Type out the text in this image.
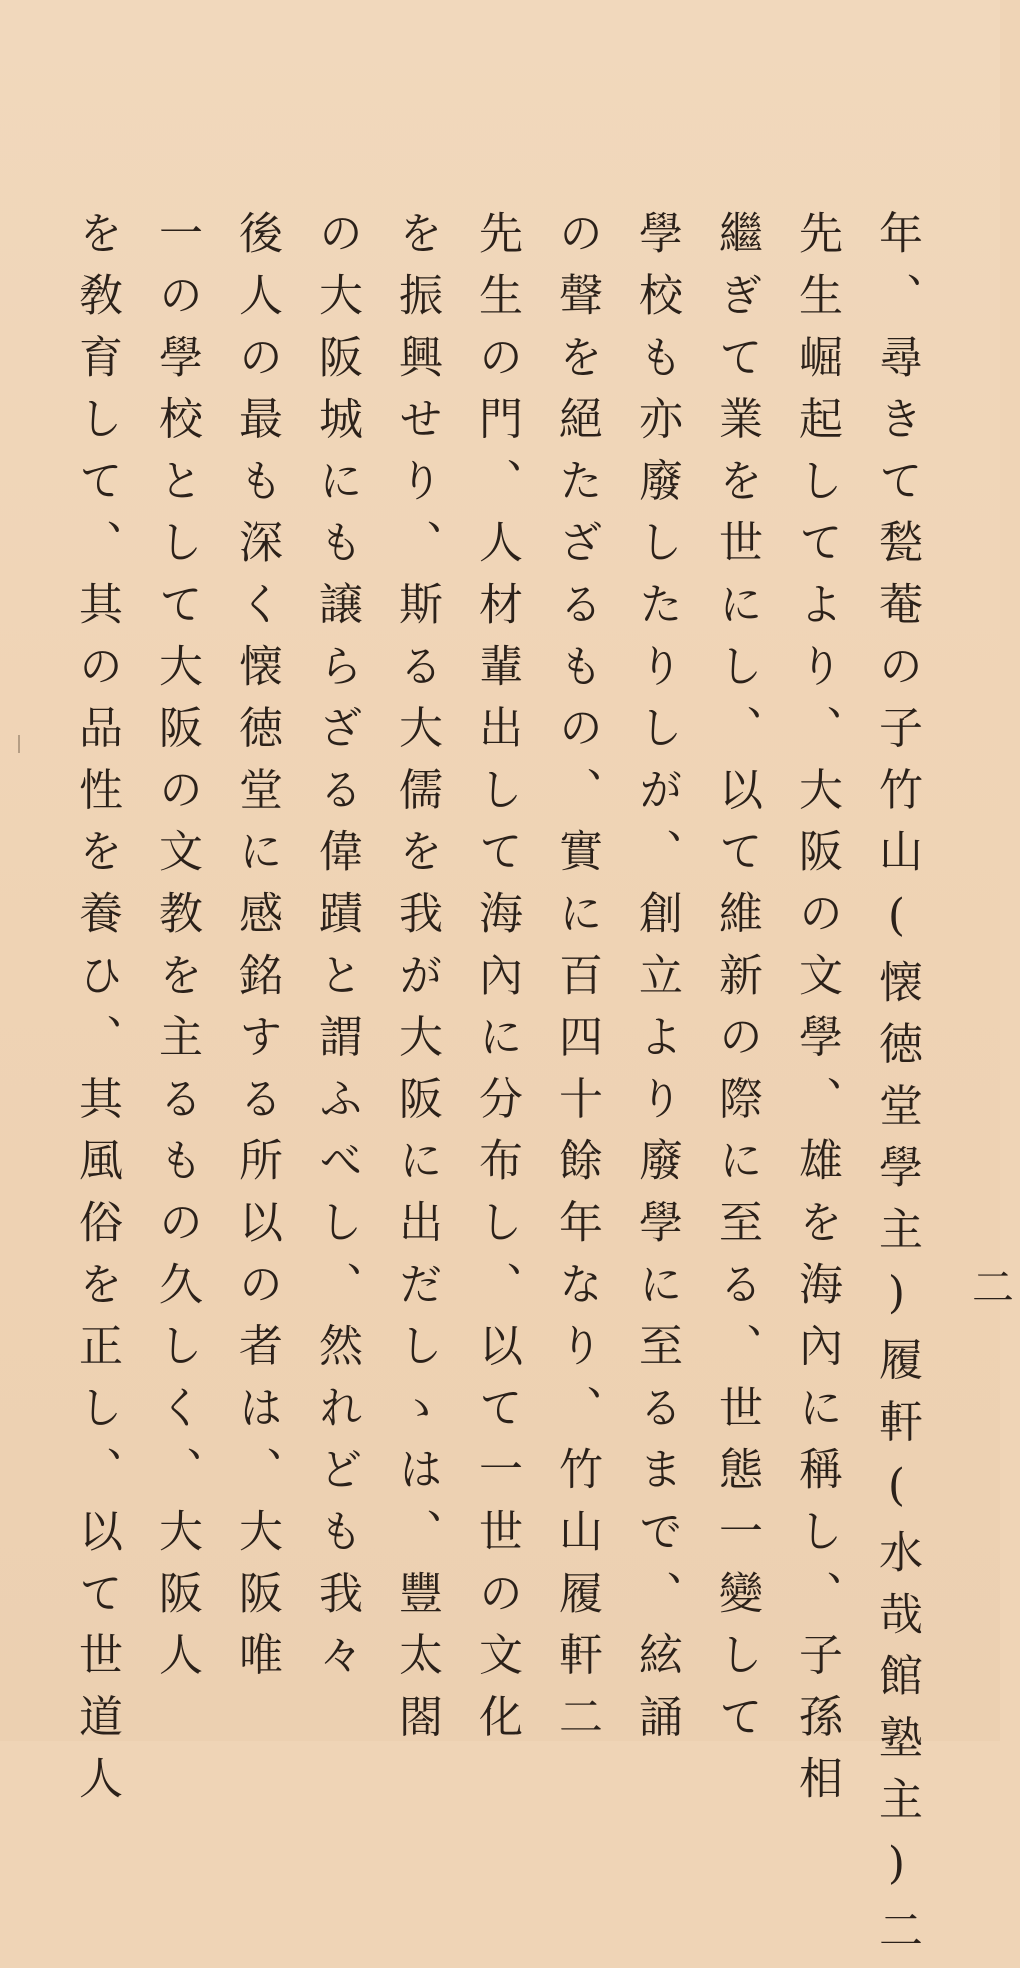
年、尋きて甃菴の子竹山(懐徳堂學主)履軒(水哉館塾主)二
先生崛起してより、大阪の文學、雄を海內に稱し、子孫相
繼ぎて業を世にし、以て維新の際に至る、世態一變して
學校も亦廢したりしが、創立より廢學に至るまで、絃誦
の聲を絕たざるもの、實に百四十餘年なり、竹山履軒二
先生の門、人材輩出して海內に分布し、以て一世の文化
を振興せり、斯る大儒を我が大阪に出だしゝは、豐太閤
の大阪城にも譲らざる偉蹟と謂ふべし、然れども我々
後人の最も深く懐徳堂に感銘する所以の者は、大阪唯
一の學校として大阪の文教を主るもの久しく、大阪人
を敎育して、其の品性を養ひ、其風俗を正し、以て世道人	二
